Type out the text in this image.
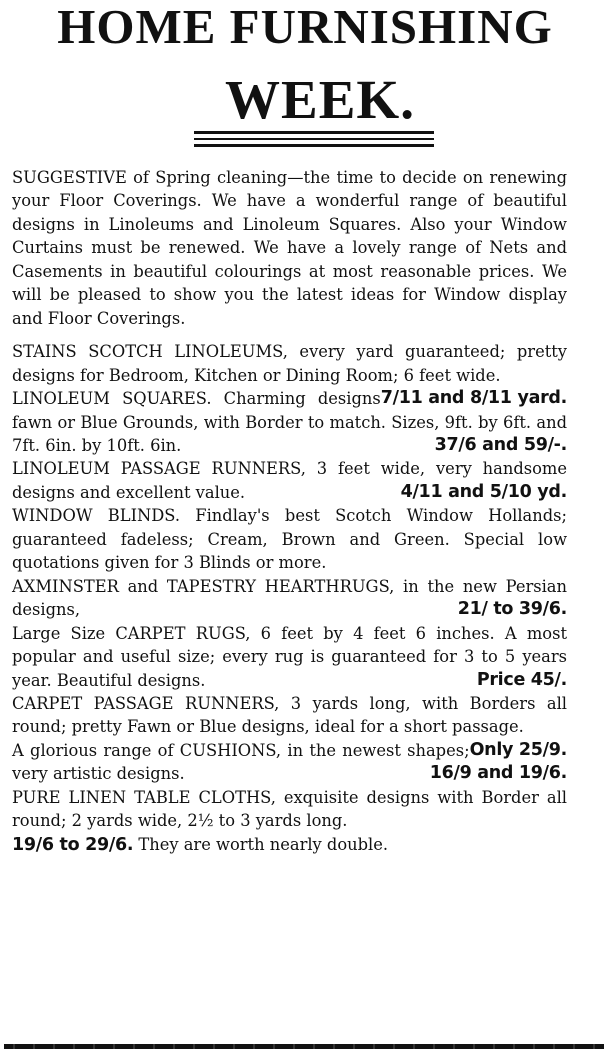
HOME FURNISHING
WEEK.

SUGGESTIVE of Spring cleaning—the time to decide on renewing your Floor Coverings. We have a wonderful range of beautiful designs in Linoleums and Linoleum Squares. Also your Window Curtains must be renewed. We have a lovely range of Nets and Casements in beautiful colourings at most reasonable prices. We will be pleased to show you the latest ideas for Window display and Floor Coverings.

STAINS SCOTCH LINOLEUMS, every yard guaranteed; pretty designs for Bedroom, Kitchen or Dining Room; 6 feet wide.
7/11 and 8/11 yard.

LINOLEUM SQUARES. Charming designs fawn or Blue Grounds, with Border to match. Sizes, 9ft. by 6ft. and 7ft. 6in. by 10ft. 6in.	37/6 and 59/-.

LINOLEUM PASSAGE RUNNERS, 3 feet wide, very handsome designs and excellent value.	4/11 and 5/10 yd.

WINDOW BLINDS. Findlay's best Scotch Window Hollands; guaranteed fadeless; Cream, Brown and Green. Special low quotations given for 3 Blinds or more.

AXMINSTER and TAPESTRY HEARTHRUGS, in the new Persian designs,	21/ to 39/6.

Large Size CARPET RUGS, 6 feet by 4 feet 6 inches. A most popular and useful size; every rug is guaranteed for 3 to 5 years year. Beautiful designs.	Price 45/.

CARPET PASSAGE RUNNERS, 3 yards long, with Borders all round; pretty Fawn or Blue designs, ideal for a short passage.
Only 25/9.

A glorious range of CUSHIONS, in the newest shapes; very artistic designs.	16/9 and 19/6.

PURE LINEN TABLE CLOTHS, exquisite designs with Border all round; 2 yards wide, 2½ to 3 yards long.

19/6 to 29/6. They are worth nearly double.
